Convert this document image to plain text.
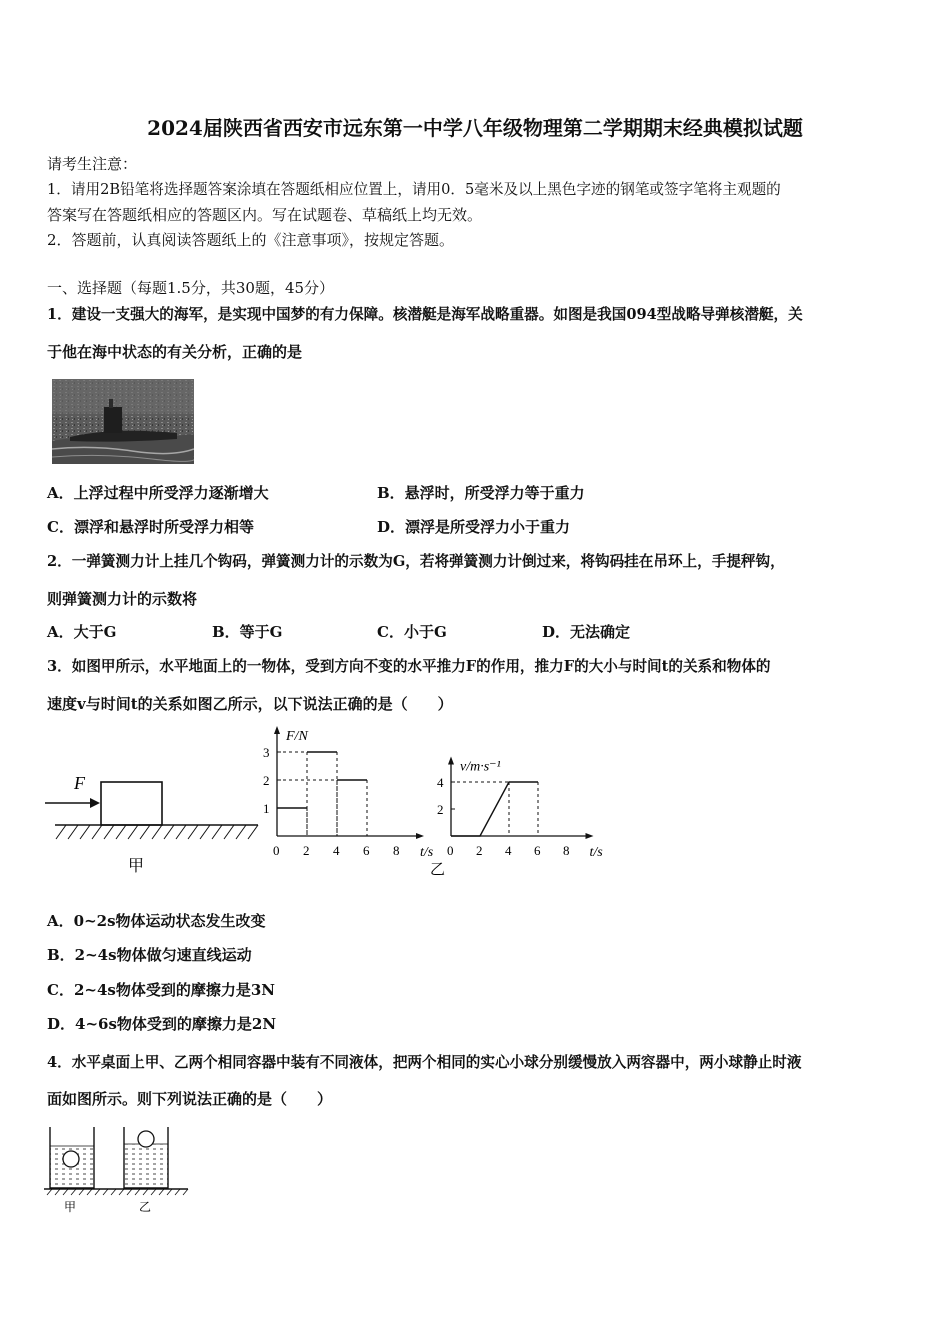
2024届陕西省西安市远东第一中学八年级物理第二学期期末经典模拟试题
请考生注意：
1．请用2B铅笔将选择题答案涂填在答题纸相应位置上，请用0．5毫米及以上黑色字迹的钢笔或签字笔将主观题的
答案写在答题纸相应的答题区内。写在试题卷、草稿纸上均无效。
2．答题前，认真阅读答题纸上的《注意事项》，按规定答题。
一、选择题（每题1.5分，共30题，45分）
1．建设一支强大的海军，是实现中国梦的有力保障。核潜艇是海军战略重器。如图是我国094型战略导弹核潜艇，关
于他在海中状态的有关分析，正确的是
A．上浮过程中所受浮力逐渐增大	B．悬浮时，所受浮力等于重力
C．漂浮和悬浮时所受浮力相等	D．漂浮是所受浮力小于重力
2．一弹簧测力计上挂几个钩码，弹簧测力计的示数为G，若将弹簧测力计倒过来，将钩码挂在吊环上，手提秤钩，
则弹簧测力计的示数将
A．大于G	B．等于G	C．小于G	D．无法确定
3．如图甲所示，水平地面上的一物体，受到方向不变的水平推力F的作用，推力F的大小与时间t的关系和物体的
速度v与时间t的关系如图乙所示，以下说法正确的是（　　）
F
甲	乙
F/N
t/s
0 2 4 6 8
1
2
3
v/m·s⁻¹
t/s
0 2 4 6 8
2
4
A．0~2s物体运动状态发生改变
B．2~4s物体做匀速直线运动
C．2~4s物体受到的摩擦力是3N
D．4~6s物体受到的摩擦力是2N
4．水平桌面上甲、乙两个相同容器中装有不同液体，把两个相同的实心小球分别缓慢放入两容器中，两小球静止时液
面如图所示。则下列说法正确的是（　　）
甲	乙
